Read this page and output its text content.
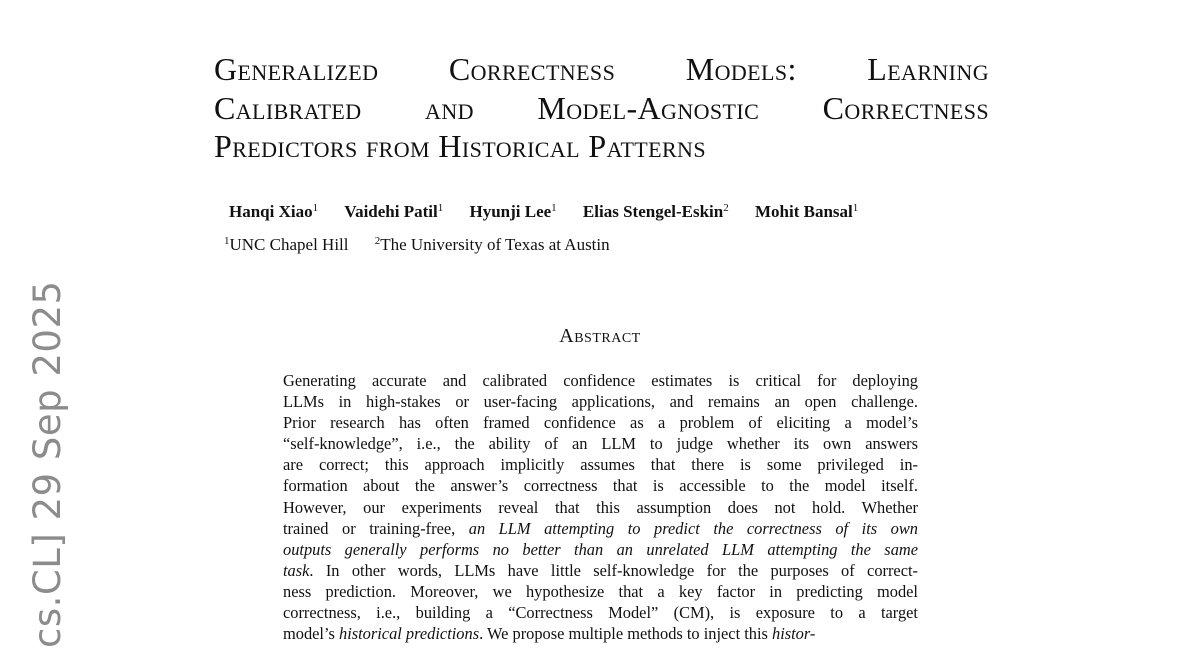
cs.CL] 29 Sep 2025
Generalized Correctness Models: Learning
Calibrated and Model-Agnostic Correctness
Predictors from Historical Patterns
Hanqi Xiao$^1$ Vaidehi Patil$^1$ Hyunji Lee$^1$ Elias Stengel-Eskin$^2$ Mohit Bansal$^1$
$^1$UNC Chapel Hill $^2$The University of Texas at Austin
Abstract
Generating accurate and calibrated confidence estimates is critical for deploying
LLMs in high-stakes or user-facing applications, and remains an open challenge.
Prior research has often framed confidence as a problem of eliciting a model’s
“self-knowledge”, i.e., the ability of an LLM to judge whether its own answers
are correct; this approach implicitly assumes that there is some privileged in-
formation about the answer’s correctness that is accessible to the model itself.
However, our experiments reveal that this assumption does not hold. Whether
trained or training-free, an LLM attempting to predict the correctness of its own
outputs generally performs no better than an unrelated LLM attempting the same
task. In other words, LLMs have little self-knowledge for the purposes of correct-
ness prediction. Moreover, we hypothesize that a key factor in predicting model
correctness, i.e., building a “Correctness Model” (CM), is exposure to a target
model’s historical predictions. We propose multiple methods to inject this histor-
